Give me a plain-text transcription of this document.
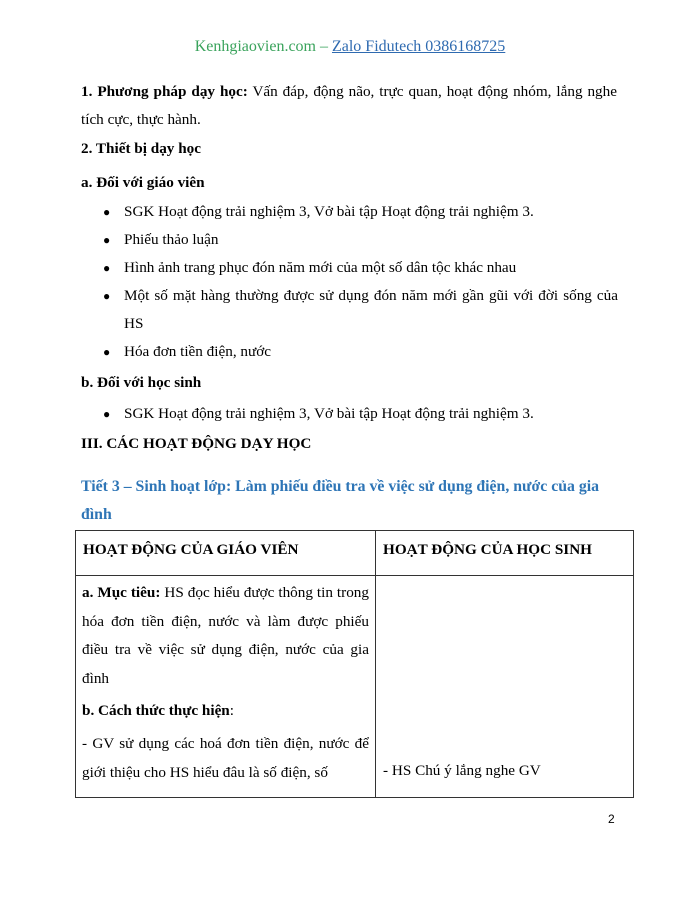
Kenhgiaovien.com – Zalo Fidutech 0386168725
1. Phương pháp dạy học: Vấn đáp, động não, trực quan, hoạt động nhóm, lắng nghe tích cực, thực hành.
2. Thiết bị dạy học
a. Đối với giáo viên
● SGK Hoạt động trải nghiệm 3, Vở bài tập Hoạt động trải nghiệm 3.
● Phiếu thảo luận
● Hình ảnh trang phục đón năm mới của một số dân tộc khác nhau
● Một số mặt hàng thường được sử dụng đón năm mới gần gũi với đời sống của HS
● Hóa đơn tiền điện, nước
b. Đối với học sinh
● SGK Hoạt động trải nghiệm 3, Vở bài tập Hoạt động trải nghiệm 3.
III. CÁC HOẠT ĐỘNG DẠY HỌC
Tiết 3 – Sinh hoạt lớp: Làm phiếu điều tra về việc sử dụng điện, nước của gia đình
HOẠT ĐỘNG CỦA GIÁO VIÊN	HOẠT ĐỘNG CỦA HỌC SINH

a. Mục tiêu: HS đọc hiểu được thông tin trong hóa đơn tiền điện, nước và làm được phiếu điều tra về việc sử dụng điện, nước của gia đình
b. Cách thức thực hiện:
- GV sử dụng các hoá đơn tiền điện, nước để giới thiệu cho HS hiểu đâu là số điện, số	- HS Chú ý lắng nghe GV
2
